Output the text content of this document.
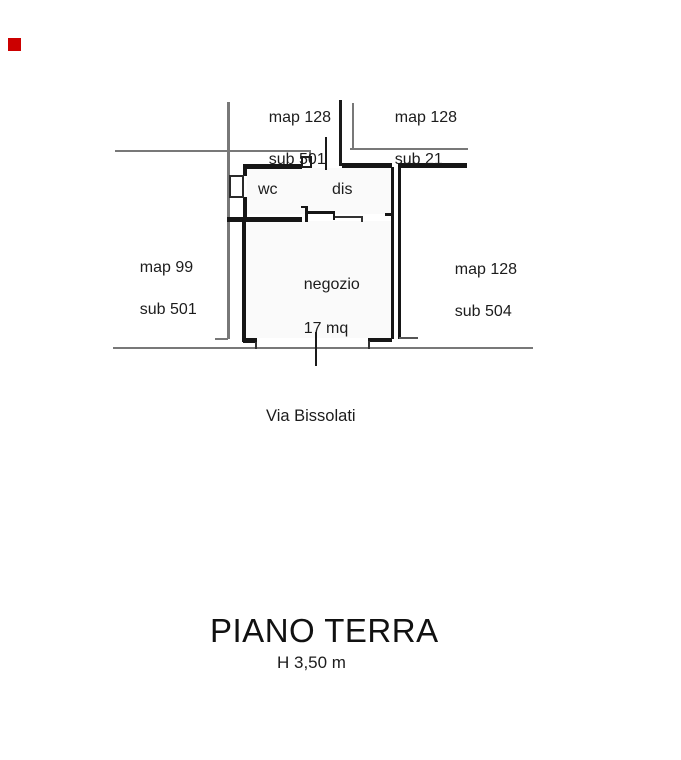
map 128

sub 501

map 128

sub 21

map 99

sub 501

map 128

sub 504

wc	dis

negozio

17 mq

Via Bissolati
PIANO TERRA
H 3,50 m
